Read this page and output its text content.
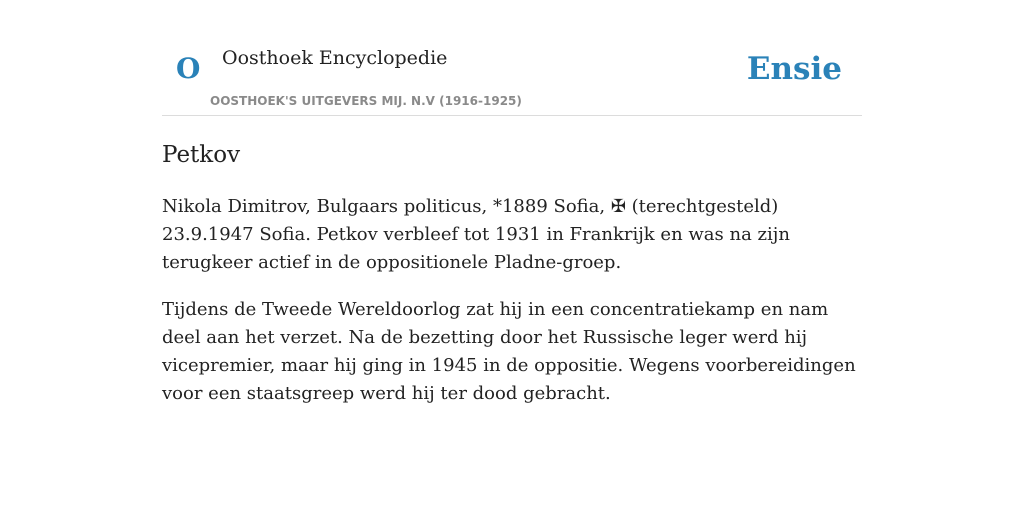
O Oosthoek Encyclopedie
OOSTHOEK'S UITGEVERS MIJ. N.V (1916-1925)
Ensie
Petkov

Nikola Dimitrov, Bulgaars politicus, *1889 Sofia, ✠ (terechtgesteld) 23.9.1947 Sofia. Petkov verbleef tot 1931 in Frankrijk en was na zijn terugkeer actief in de oppositionele Pladne-groep.

Tijdens de Tweede Wereldoorlog zat hij in een concentratiekamp en nam deel aan het verzet. Na de bezetting door het Russische leger werd hij vicepremier, maar hij ging in 1945 in de oppositie. Wegens voorbereidingen voor een staatsgreep werd hij ter dood gebracht.
